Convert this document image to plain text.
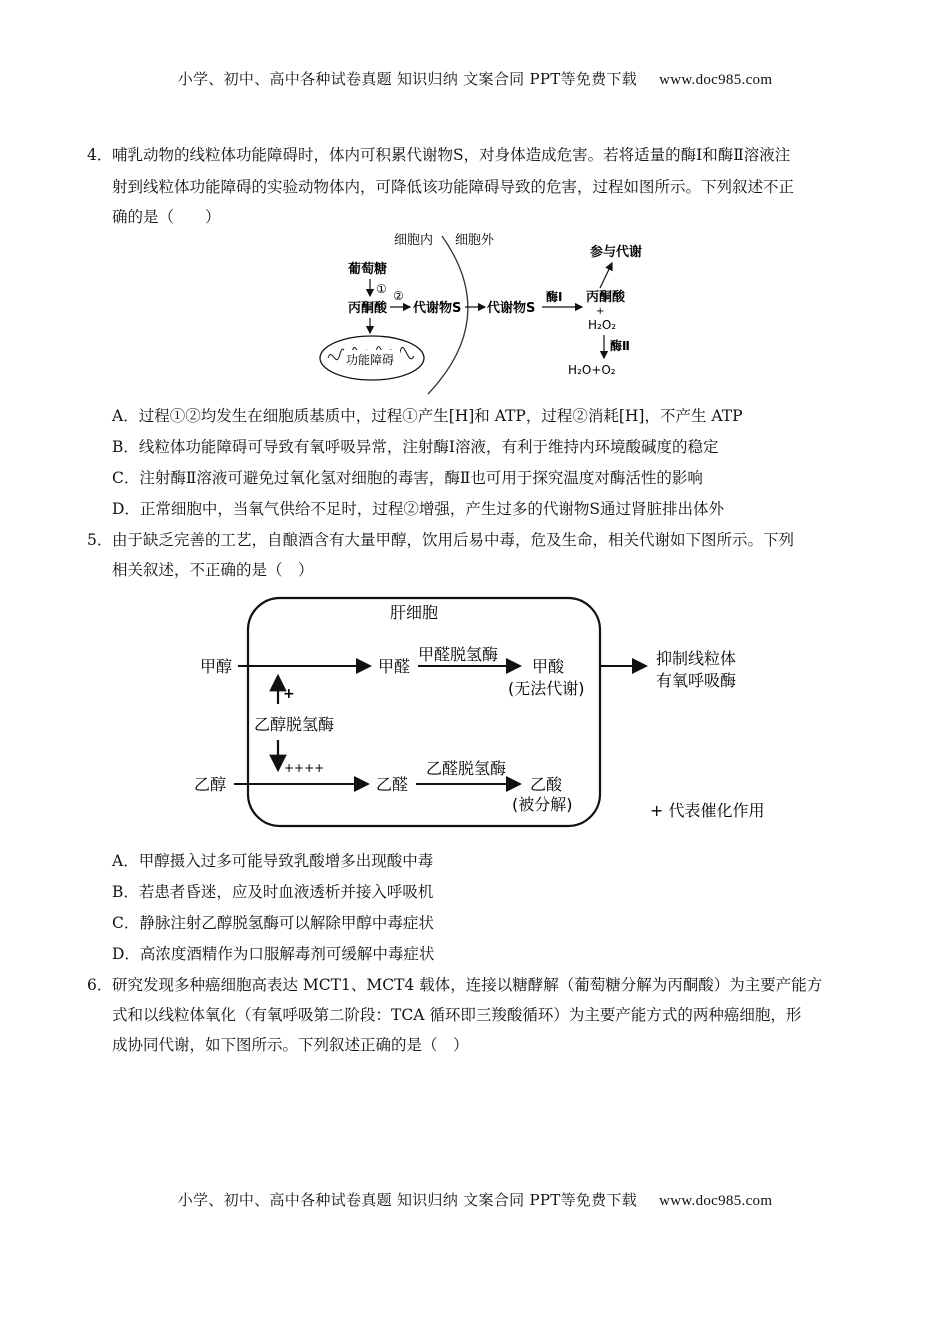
小学、初中、高中各种试卷真题 知识归纳 文案合同 PPT等免费下载 www.doc985.com
4． 哺乳动物的线粒体功能障碍时，体内可积累代谢物S，对身体造成危害。若将适量的酶Ⅰ和酶Ⅱ溶液注
射到线粒体功能障碍的实验动物体内，可降低该功能障碍导致的危害，过程如图所示。下列叙述不正
确的是（　　）
细胞内 细胞外
葡萄糖
①
丙酮酸
②
代谢物S 代谢物S
酶Ⅰ 丙酮酸
+
H₂O₂
参与代谢
酶Ⅱ
H₂O+O₂
功能障碍
A．过程①②均发生在细胞质基质中，过程①产生[H]和 ATP，过程②消耗[H]，不产生 ATP
B．线粒体功能障碍可导致有氧呼吸异常，注射酶Ⅰ溶液，有利于维持内环境酸碱度的稳定
C．注射酶Ⅱ溶液可避免过氧化氢对细胞的毒害，酶Ⅱ也可用于探究温度对酶活性的影响
D．正常细胞中，当氧气供给不足时，过程②增强，产生过多的代谢物S通过肾脏排出体外
5． 由于缺乏完善的工艺，自酿酒含有大量甲醇，饮用后易中毒，危及生命，相关代谢如下图所示。下列
相关叙述，不正确的是（　）
肝细胞
甲醇	甲醛
甲醛脱氢酶
甲酸
(无法代谢)
抑制线粒体
有氧呼吸酶
+
乙醇脱氢酶
++++
乙醇	乙醛
乙醛脱氢酶
乙酸
(被分解)	+ 代表催化作用
A．甲醇摄入过多可能导致乳酸增多出现酸中毒
B．若患者昏迷，应及时血液透析并接入呼吸机
C．静脉注射乙醇脱氢酶可以解除甲醇中毒症状
D．高浓度酒精作为口服解毒剂可缓解中毒症状
6． 研究发现多种癌细胞高表达 MCT1、MCT4 载体，连接以糖酵解（葡萄糖分解为丙酮酸）为主要产能方
式和以线粒体氧化（有氧呼吸第二阶段：TCA 循环即三羧酸循环）为主要产能方式的两种癌细胞，形
成协同代谢，如下图所示。下列叙述正确的是（　）
小学、初中、高中各种试卷真题 知识归纳 文案合同 PPT等免费下载 www.doc985.com
